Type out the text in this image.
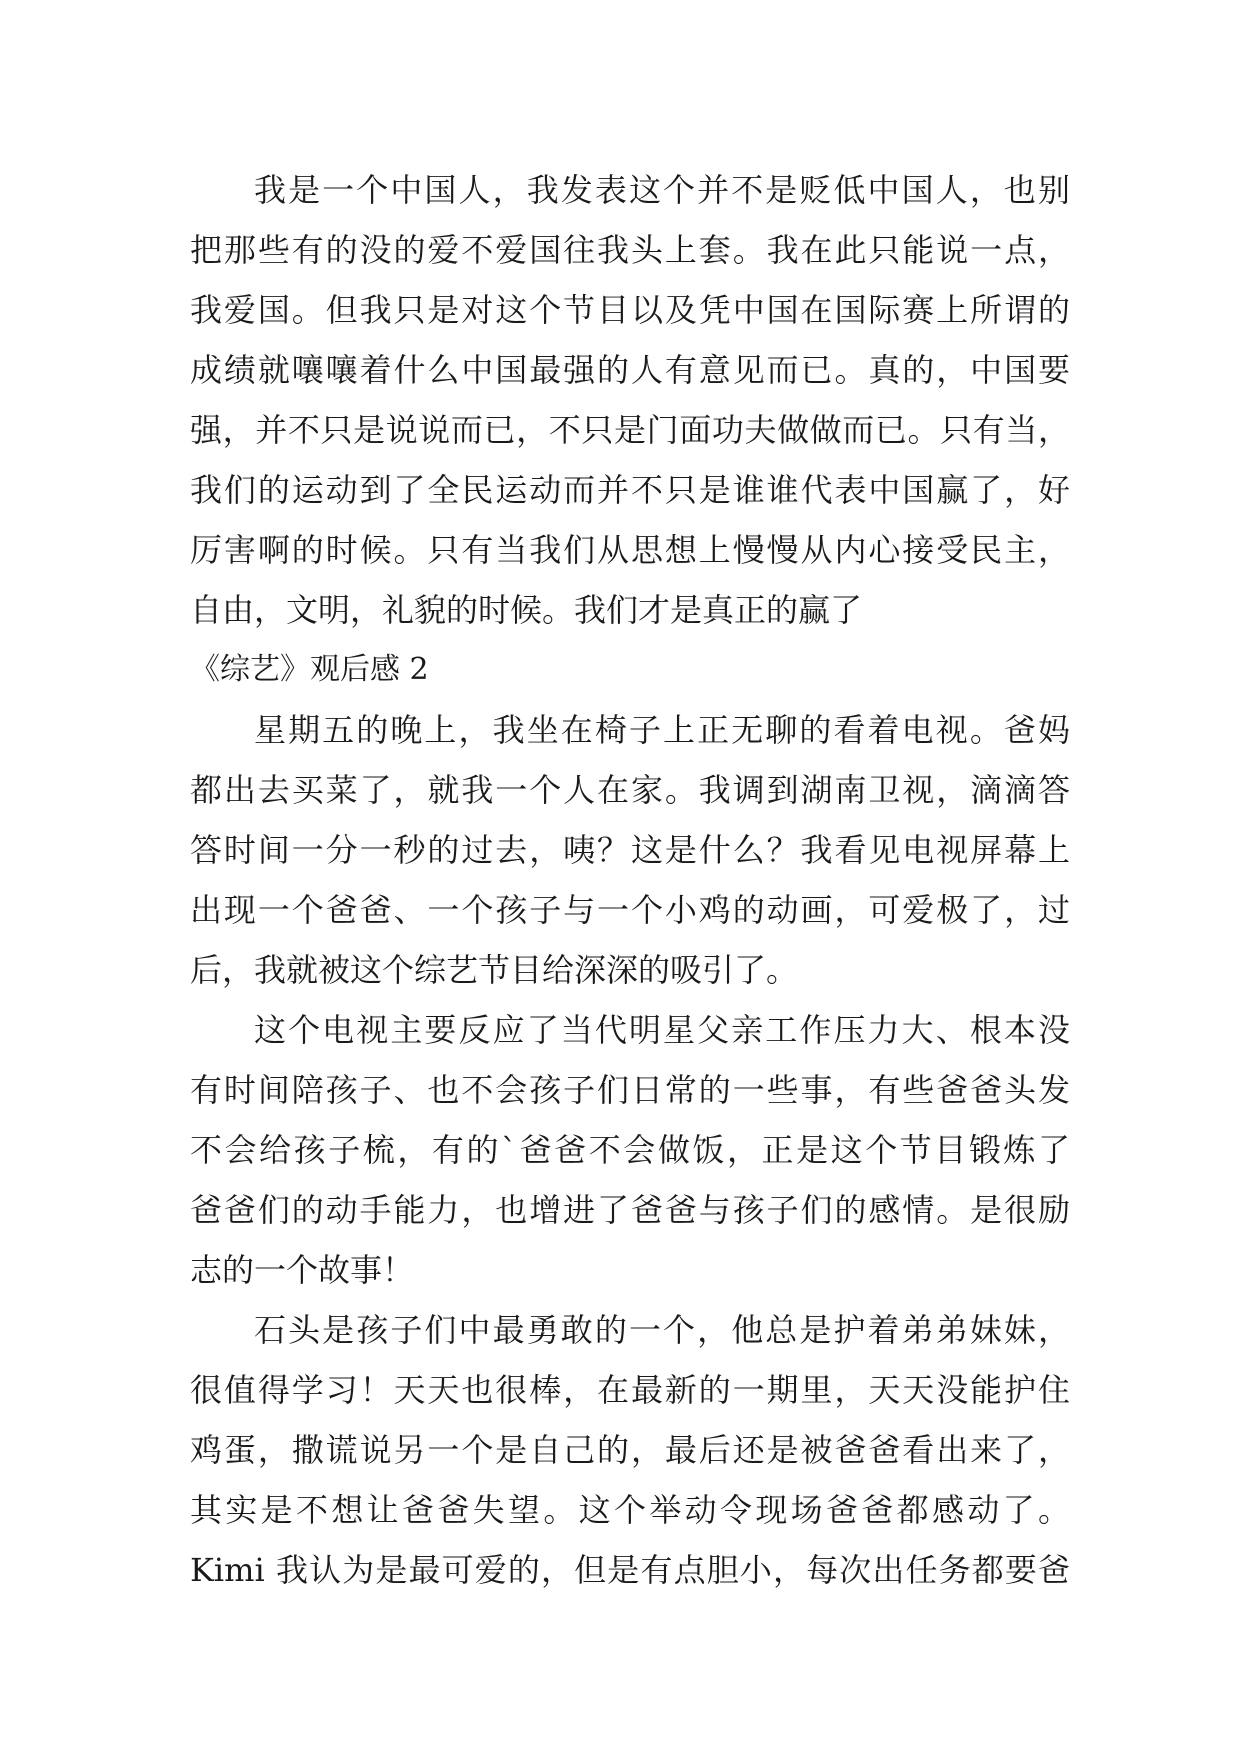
我是一个中国人，我发表这个并不是贬低中国人，也别
把那些有的没的爱不爱国往我头上套。我在此只能说一点，
我爱国。但我只是对这个节目以及凭中国在国际赛上所谓的
成绩就嚷嚷着什么中国最强的人有意见而已。真的，中国要
强，并不只是说说而已，不只是门面功夫做做而已。只有当，
我们的运动到了全民运动而并不只是谁谁代表中国赢了，好
厉害啊的时候。只有当我们从思想上慢慢从内心接受民主，
自由，文明，礼貌的时候。我们才是真正的赢了
《综艺》观后感 2
星期五的晚上，我坐在椅子上正无聊的看着电视。爸妈
都出去买菜了，就我一个人在家。我调到湖南卫视，滴滴答
答时间一分一秒的过去，咦？这是什么？我看见电视屏幕上
出现一个爸爸、一个孩子与一个小鸡的动画，可爱极了，过
后，我就被这个综艺节目给深深的吸引了。
这个电视主要反应了当代明星父亲工作压力大、根本没
有时间陪孩子、也不会孩子们日常的一些事，有些爸爸头发
不会给孩子梳，有的`爸爸不会做饭，正是这个节目锻炼了
爸爸们的动手能力，也增进了爸爸与孩子们的感情。是很励
志的一个故事！
石头是孩子们中最勇敢的一个，他总是护着弟弟妹妹，
很值得学习！天天也很棒，在最新的一期里，天天没能护住
鸡蛋，撒谎说另一个是自己的，最后还是被爸爸看出来了，
其实是不想让爸爸失望。这个举动令现场爸爸都感动了。
Kimi 我认为是最可爱的，但是有点胆小，每次出任务都要爸
